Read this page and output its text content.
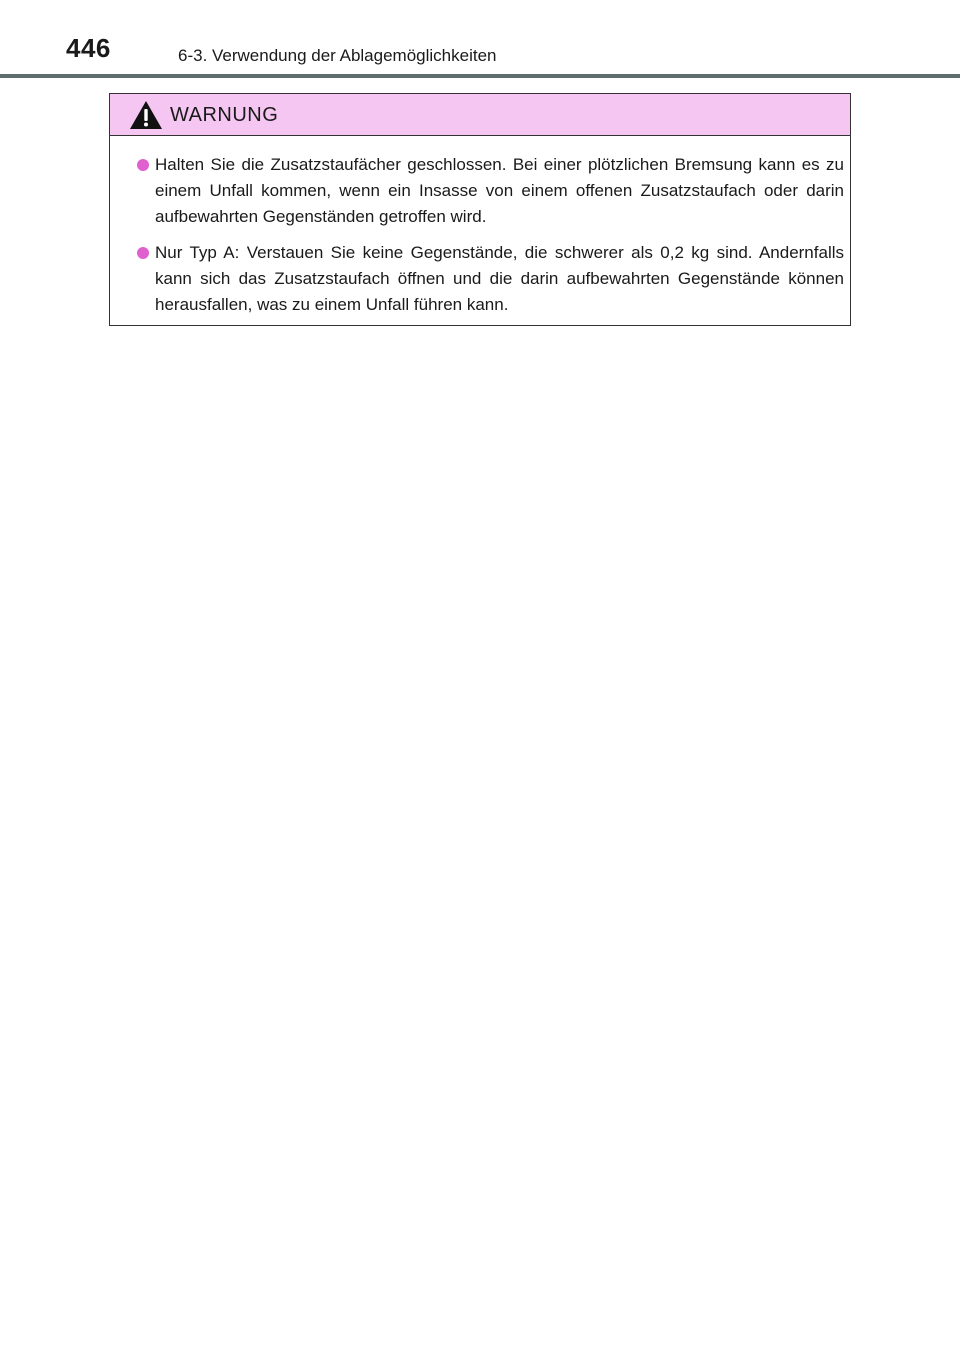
446	6-3. Verwendung der Ablagemöglichkeiten
WARNUNG
Halten Sie die Zusatzstaufächer geschlossen. Bei einer plötzlichen Bremsung kann es zu einem Unfall kommen, wenn ein Insasse von einem offenen Zusatzstaufach oder darin aufbewahrten Gegenständen getroffen wird.
Nur Typ A: Verstauen Sie keine Gegenstände, die schwerer als 0,2 kg sind. Andernfalls kann sich das Zusatzstaufach öffnen und die darin aufbewahrten Gegenstände können herausfallen, was zu einem Unfall führen kann.
